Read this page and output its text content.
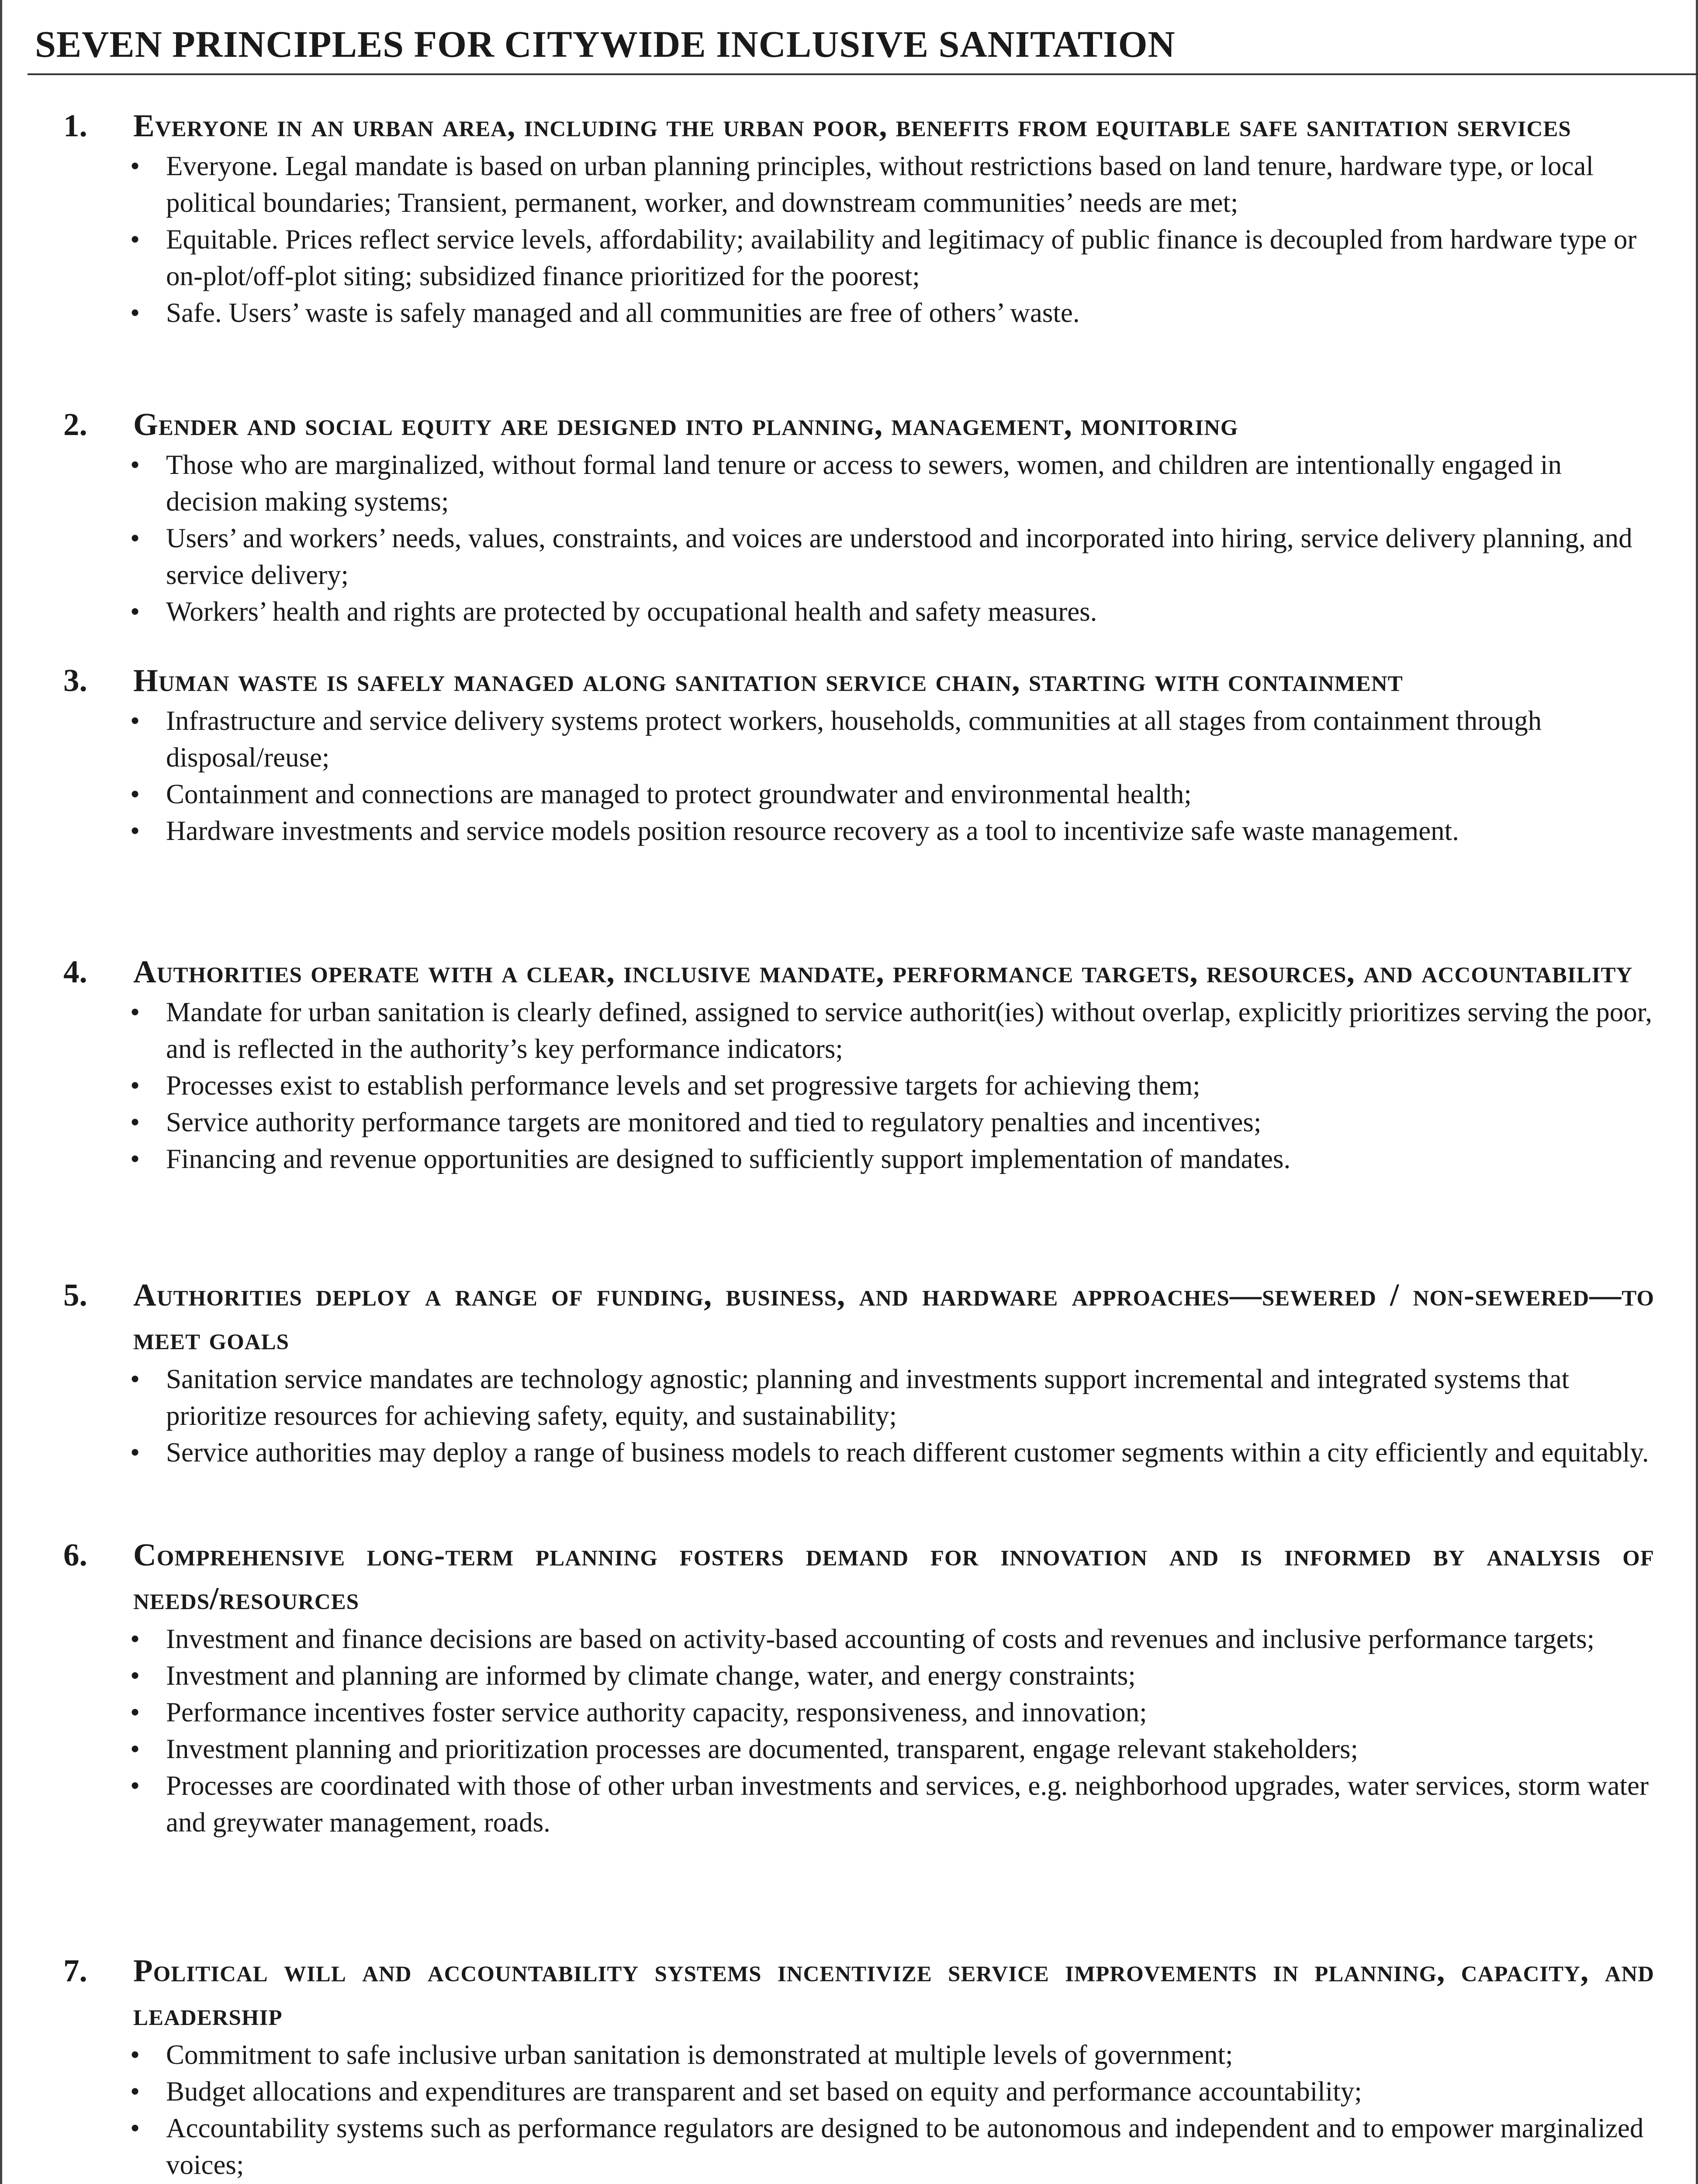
SEVEN PRINCIPLES FOR CITYWIDE INCLUSIVE SANITATION
1. Everyone in an urban area, including the urban poor, benefits from equitable safe sanitation services
• Everyone. Legal mandate is based on urban planning principles, without restrictions based on land tenure, hardware type, or local political boundaries; Transient, permanent, worker, and downstream communities’ needs are met;
• Equitable. Prices reflect service levels, affordability; availability and legitimacy of public finance is decoupled from hardware type or on-plot/off-plot siting; subsidized finance prioritized for the poorest;
• Safe. Users’ waste is safely managed and all communities are free of others’ waste.
2. Gender and social equity are designed into planning, management, monitoring
• Those who are marginalized, without formal land tenure or access to sewers, women, and children are intentionally engaged in decision making systems;
• Users’ and workers’ needs, values, constraints, and voices are understood and incorporated into hiring, service delivery planning, and service delivery;
• Workers’ health and rights are protected by occupational health and safety measures.
3. Human waste is safely managed along sanitation service chain, starting with containment
• Infrastructure and service delivery systems protect workers, households, communities at all stages from containment through disposal/reuse;
• Containment and connections are managed to protect groundwater and environmental health;
• Hardware investments and service models position resource recovery as a tool to incentivize safe waste management.
4. Authorities operate with a clear, inclusive mandate, performance targets, resources, and accountability
• Mandate for urban sanitation is clearly defined, assigned to service authorit(ies) without overlap, explicitly prioritizes serving the poor, and is reflected in the authority’s key performance indicators;
• Processes exist to establish performance levels and set progressive targets for achieving them;
• Service authority performance targets are monitored and tied to regulatory penalties and incentives;
• Financing and revenue opportunities are designed to sufficiently support implementation of mandates.
5. Authorities deploy a range of funding, business, and hardware approaches—sewered / non-sewered—to meet goals
• Sanitation service mandates are technology agnostic; planning and investments support incremental and integrated systems that prioritize resources for achieving safety, equity, and sustainability;
• Service authorities may deploy a range of business models to reach different customer segments within a city efficiently and equitably.
6. Comprehensive long-term planning fosters demand for innovation and is informed by analysis of needs/resources
• Investment and finance decisions are based on activity-based accounting of costs and revenues and inclusive performance targets;
• Investment and planning are informed by climate change, water, and energy constraints;
• Performance incentives foster service authority capacity, responsiveness, and innovation;
• Investment planning and prioritization processes are documented, transparent, engage relevant stakeholders;
• Processes are coordinated with those of other urban investments and services, e.g. neighborhood upgrades, water services, storm water and greywater management, roads.
7. Political will and accountability systems incentivize service improvements in planning, capacity, and leadership
• Commitment to safe inclusive urban sanitation is demonstrated at multiple levels of government;
• Budget allocations and expenditures are transparent and set based on equity and performance accountability;
• Accountability systems such as performance regulators are designed to be autonomous and independent and to empower marginalized voices;
•
